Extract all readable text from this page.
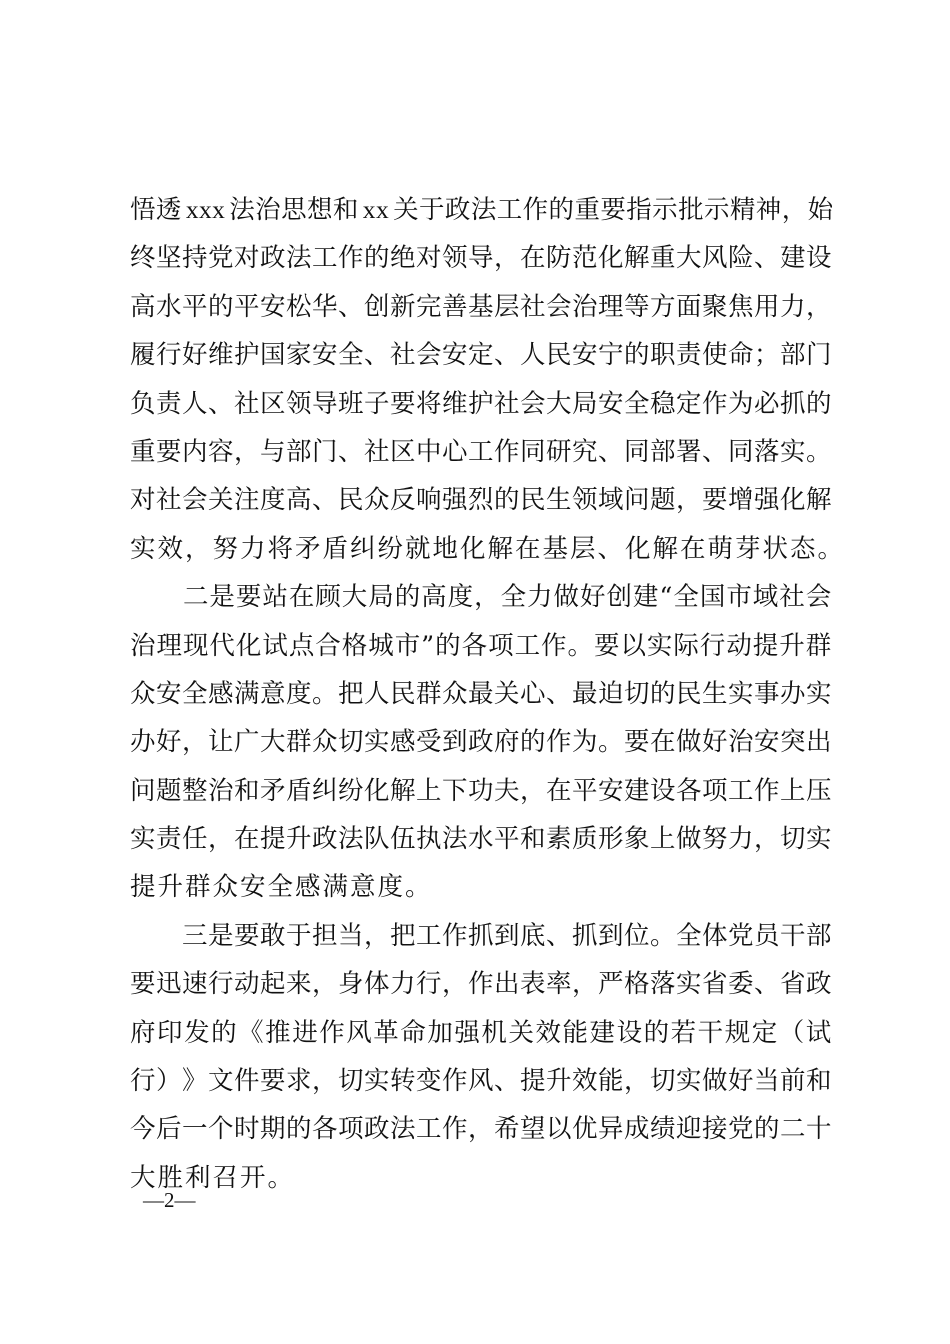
悟 透 xxx 法 治 思 想 和 xx 关 于 政 法 工 作 的 重 要 指 示 批 示 精 神 ， 始
终 坚 持 党 对 政 法 工 作 的 绝 对 领 导 ， 在 防 范 化 解 重 大 风 险 、 建 设
高 水 平 的 平 安 松 华 、 创 新 完 善 基 层 社 会 治 理 等 方 面 聚 焦 用 力 ，
履 行 好 维 护 国 家 安 全 、 社 会 安 定 、 人 民 安 宁 的 职 责 使 命 ； 部 门
负 责 人 、 社 区 领 导 班 子 要 将 维 护 社 会 大 局 安 全 稳 定 作 为 必 抓 的
重 要 内 容 ， 与 部 门 、 社 区 中 心 工 作 同 研 究 、 同 部 署 、 同 落 实 。
对 社 会 关 注 度 高 、 民 众 反 响 强 烈 的 民 生 领 域 问 题 ， 要 增 强 化 解
实 效 ， 努 力 将 矛 盾 纠 纷 就 地 化 解 在 基 层 、 化 解 在 萌 芽 状 态 。

二 是 要 站 在 顾 大 局 的 高 度 ， 全 力 做 好 创 建 “ 全 国 市 域 社 会
治 理 现 代 化 试 点 合 格 城 市 ” 的 各 项 工 作 。 要 以 实 际 行 动 提 升 群
众 安 全 感 满 意 度 。 把 人 民 群 众 最 关 心 、 最 迫 切 的 民 生 实 事 办 实
办 好 ， 让 广 大 群 众 切 实 感 受 到 政 府 的 作 为 。 要 在 做 好 治 安 突 出
问 题 整 治 和 矛 盾 纠 纷 化 解 上 下 功 夫 ， 在 平 安 建 设 各 项 工 作 上 压
实 责 任 ， 在 提 升 政 法 队 伍 执 法 水 平 和 素 质 形 象 上 做 努 力 ， 切 实
提 升 群 众 安 全 感 满 意 度 。

三 是 要 敢 于 担 当 ， 把 工 作 抓 到 底 、 抓 到 位 。 全 体 党 员 干 部
要 迅 速 行 动 起 来 ， 身 体 力 行 ， 作 出 表 率 ， 严 格 落 实 省 委 、 省 政
府 印 发 的 《 推 进 作 风 革 命 加 强 机 关 效 能 建 设 的 若 干 规 定 （ 试
行 ） 》 文 件 要 求 ， 切 实 转 变 作 风 、 提 升 效 能 ， 切 实 做 好 当 前 和
今 后 一 个 时 期 的 各 项 政 法 工 作 ， 希 望 以 优 异 成 绩 迎 接 党 的 二 十
大 胜 利 召 开 。
—2—
